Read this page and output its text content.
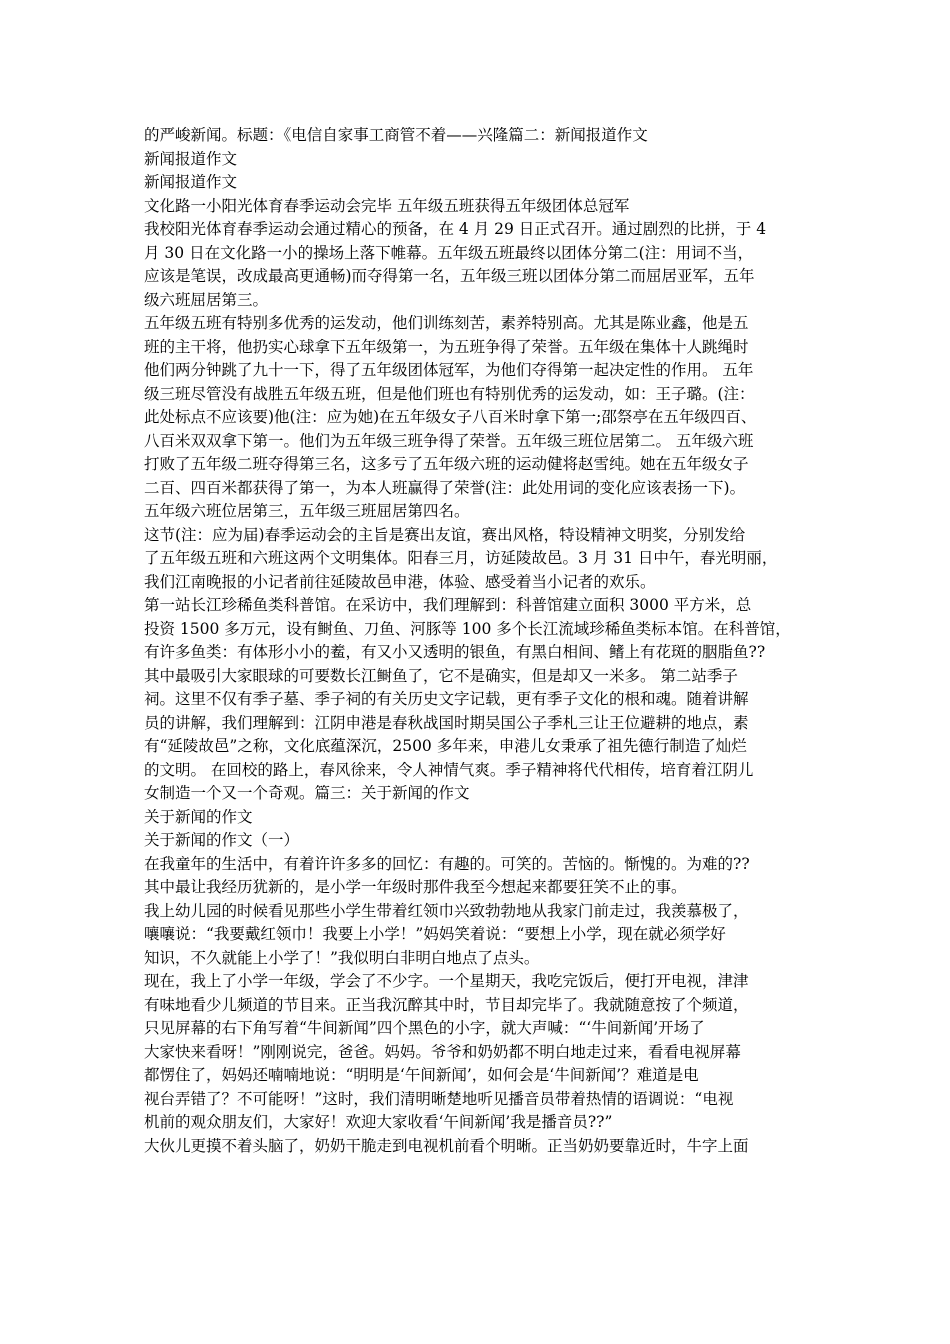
的严峻新闻。标题：《电信自家事工商管不着——兴隆篇二：新闻报道作文
新闻报道作文
新闻报道作文
文化路一小阳光体育春季运动会完毕 五年级五班获得五年级团体总冠军
我校阳光体育春季运动会通过精心的预备，在 4 月 29 日正式召开。通过剧烈的比拼，于 4
月 30 日在文化路一小的操场上落下帷幕。五年级五班最终以团体分第二(注：用词不当，
应该是笔误，改成最高更通畅)而夺得第一名，五年级三班以团体分第二而屈居亚军，五年
级六班屈居第三。
五年级五班有特别多优秀的运发动，他们训练刻苦，素养特别高。尤其是陈业鑫，他是五
班的主干将，他扔实心球拿下五年级第一，为五班争得了荣誉。五年级在集体十人跳绳时
他们两分钟跳了九十一下，得了五年级团体冠军，为他们夺得第一起决定性的作用。 五年
级三班尽管没有战胜五年级五班，但是他们班也有特别优秀的运发动，如：王子璐。(注：
此处标点不应该要)他(注：应为她)在五年级女子八百米时拿下第一;邵祭亭在五年级四百、
八百米双双拿下第一。他们为五年级三班争得了荣誉。五年级三班位居第二。 五年级六班
打败了五年级二班夺得第三名，这多亏了五年级六班的运动健将赵雪纯。她在五年级女子
二百、四百米都获得了第一，为本人班赢得了荣誉(注：此处用词的变化应该表扬一下)。
五年级六班位居第三，五年级三班屈居第四名。
这节(注：应为届)春季运动会的主旨是赛出友谊，赛出风格，特设精神文明奖，分别发给
了五年级五班和六班这两个文明集体。阳春三月，访延陵故邑。3 月 31 日中午，春光明丽，
我们江南晚报的小记者前往延陵故邑申港，体验、感受着当小记者的欢乐。
第一站长江珍稀鱼类科普馆。在采访中，我们理解到：科普馆建立面积 3000 平方米，总
投资 1500 多万元，设有鲥鱼、刀鱼、河豚等 100 多个长江流域珍稀鱼类标本馆。在科普馆，
有许多鱼类：有体形小小的鲝，有又小又透明的银鱼，有黑白相间、鳍上有花斑的胭脂鱼??
其中最吸引大家眼球的可要数长江鲥鱼了，它不是确实，但是却又一米多。 第二站季子
祠。这里不仅有季子墓、季子祠的有关历史文字记载，更有季子文化的根和魂。随着讲解
员的讲解，我们理解到：江阴申港是春秋战国时期吴国公子季札三让王位避耕的地点，素
有“延陵故邑”之称，文化底蕴深沉，2500 多年来，申港儿女秉承了祖先德行制造了灿烂
的文明。 在回校的路上，春风徐来，令人神情气爽。季子精神将代代相传，培育着江阴儿
女制造一个又一个奇观。篇三：关于新闻的作文
关于新闻的作文
关于新闻的作文（一）
在我童年的生活中，有着许许多多的回忆：有趣的。可笑的。苦恼的。惭愧的。为难的??
其中最让我经历犹新的，是小学一年级时那件我至今想起来都要狂笑不止的事。
我上幼儿园的时候看见那些小学生带着红领巾兴致勃勃地从我家门前走过，我羡慕极了，
嚷嚷说：“我要戴红领巾！我要上小学！”妈妈笑着说：“要想上小学，现在就必须学好
知识，不久就能上小学了！”我似明白非明白地点了点头。
现在，我上了小学一年级，学会了不少字。一个星期天，我吃完饭后，便打开电视，津津
有味地看少儿频道的节目来。正当我沉醉其中时，节目却完毕了。我就随意按了个频道，
只见屏幕的右下角写着“牛间新闻”四个黑色的小字，就大声喊：“‘牛间新闻’开场了
大家快来看呀！”刚刚说完，爸爸。妈妈。爷爷和奶奶都不明白地走过来，看看电视屏幕
都愣住了，妈妈还喃喃地说：“明明是‘午间新闻’，如何会是‘牛间新闻’？难道是电
视台弄错了？不可能呀！”这时，我们清明晰楚地听见播音员带着热情的语调说：“电视
机前的观众朋友们，大家好！欢迎大家收看‘午间新闻’我是播音员??”
大伙儿更摸不着头脑了，奶奶干脆走到电视机前看个明晰。正当奶奶要靠近时，牛字上面
